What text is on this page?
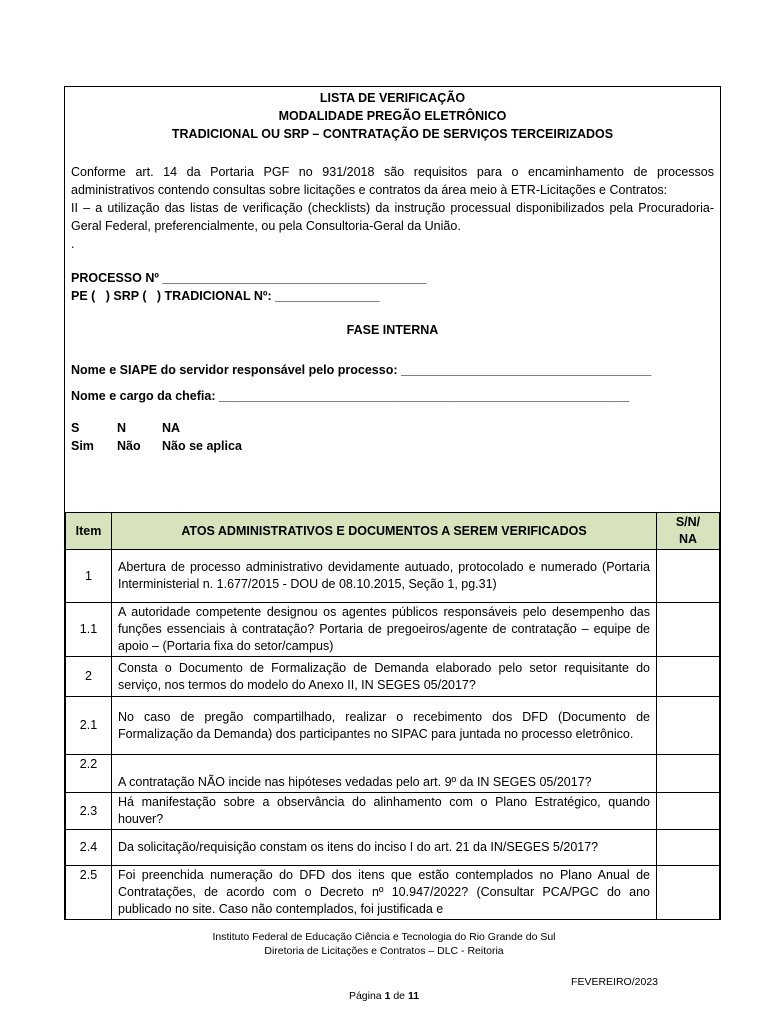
LISTA DE VERIFICAÇÃO
MODALIDADE PREGÃO ELETRÔNICO
TRADICIONAL OU SRP – CONTRATAÇÃO DE SERVIÇOS TERCEIRIZADOS

Conforme art. 14 da Portaria PGF no 931/2018 são requisitos para o encaminhamento de processos administrativos contendo consultas sobre licitações e contratos da área meio à ETR-Licitações e Contratos:

II – a utilização das listas de verificação (checklists) da instrução processual disponibilizados pela Procuradoria-Geral Federal, preferencialmente, ou pela Consultoria-Geral da União.

.

PROCESSO Nº ______________________________________
PE (   ) SRP (   ) TRADICIONAL Nº: _______________
FASE INTERNA
Nome e SIAPE do servidor responsável pelo processo: ____________________________________
Nome e cargo da chefia: ___________________________________________________________
S	N	NA
Sim Não Não se aplica
Item	ATOS ADMINISTRATIVOS E DOCUMENTOS A SEREM VERIFICADOS	S/N/
NA
1	Abertura de processo administrativo devidamente autuado, protocolado e numerado (Portaria Interministerial n. 1.677/2015 - DOU de 08.10.2015, Seção 1, pg.31)	
1.1	A autoridade competente designou os agentes públicos responsáveis pelo desempenho das funções essenciais à contratação? Portaria de pregoeiros/agente de contratação – equipe de apoio – (Portaria fixa do setor/campus)	
2	Consta o Documento de Formalização de Demanda elaborado pelo setor requisitante do serviço, nos termos do modelo do Anexo II, IN SEGES 05/2017?	
2.1	No caso de pregão compartilhado, realizar o recebimento dos DFD (Documento de Formalização da Demanda) dos participantes no SIPAC para juntada no processo eletrônico.	
2.2	A contratação NÃO incide nas hipóteses vedadas pelo art. 9º da IN SEGES 05/2017?	
2.3	Há manifestação sobre a observância do alinhamento com o Plano Estratégico, quando houver?	
2.4	Da solicitação/requisição constam os itens do inciso I do art. 21 da IN/SEGES 5/2017?	
2.5	Foi preenchida numeração do DFD dos itens que estão contemplados no Plano Anual de Contratações, de acordo com o Decreto nº 10.947/2022? (Consultar PCA/PGC do ano publicado no site. Caso não contemplados, foi justificada e	
Instituto Federal de Educação Ciência e Tecnologia do Rio Grande do Sul
Diretoria de Licitações e Contratos – DLC - Reitoria
FEVEREIRO/2023
Página 1 de 11
